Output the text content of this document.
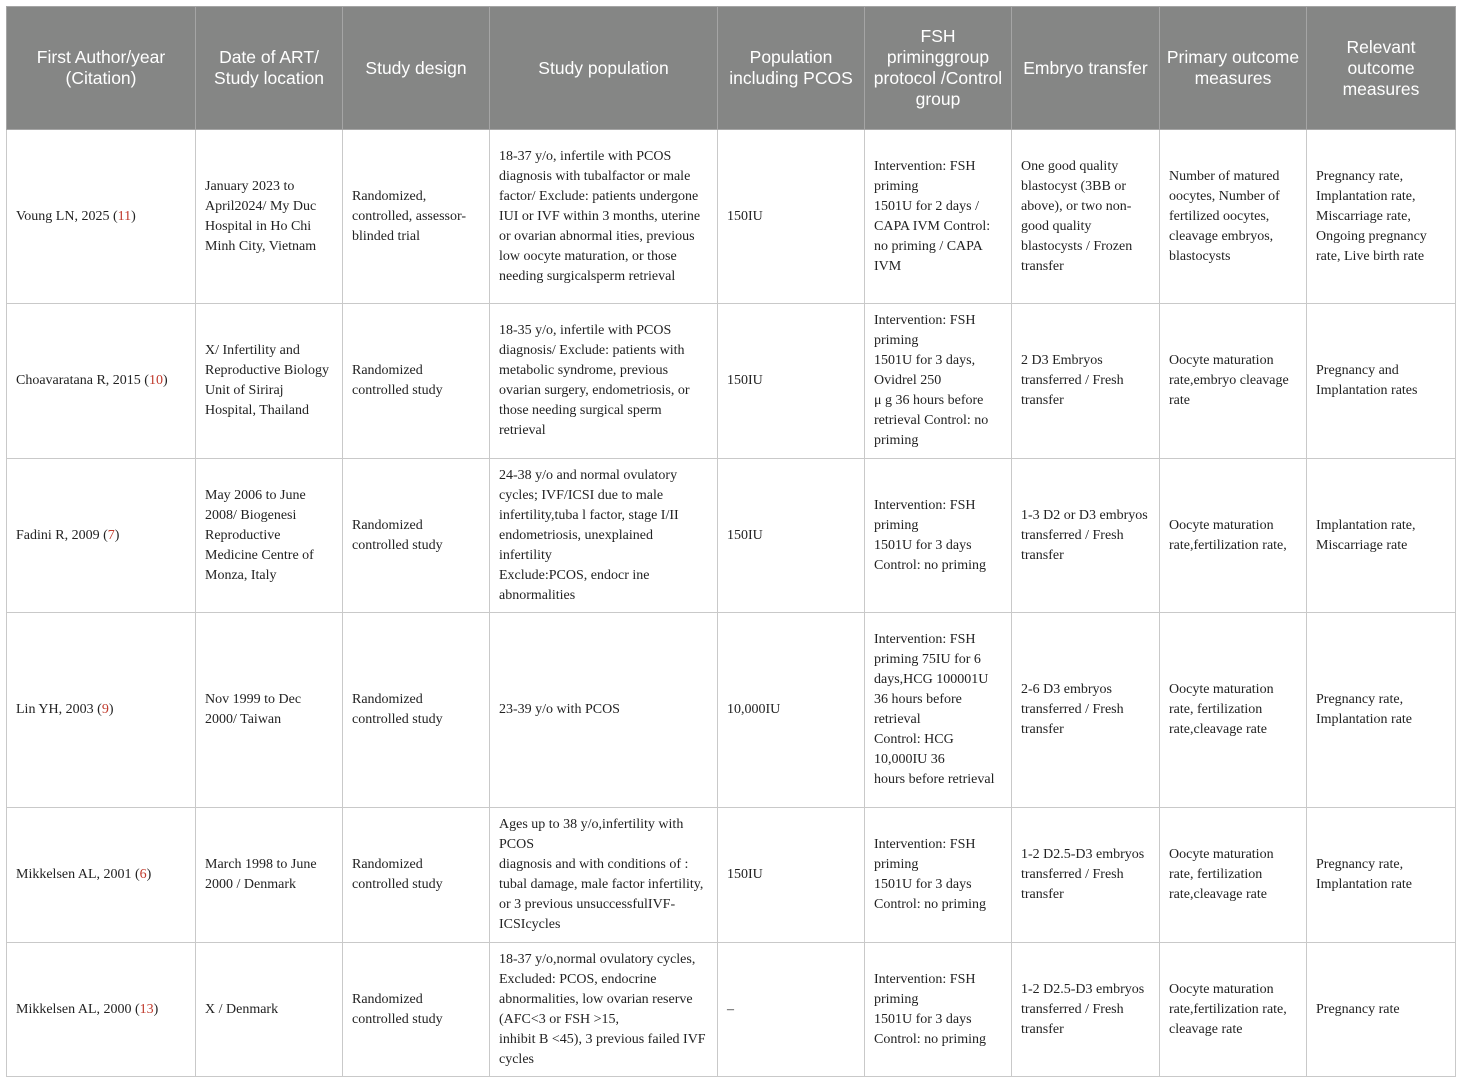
First Author/year (Citation)	Date of ART/ Study location	Study design	Study population	Population including PCOS	FSH priminggroup protocol /Control group	Embryo transfer	Primary outcome measures	Relevant outcome measures
Voung LN, 2025 (11)	January 2023 to April2024/ My Duc Hospital in Ho Chi Minh City, Vietnam	Randomized, controlled, assessor-blinded trial	18-37 y/o, infertile with PCOS diagnosis with tubalfactor or male factor/ Exclude: patients undergone IUI or IVF within 3 months, uterine or ovarian abnormal ities, previous low oocyte maturation, or those needing surgicalsperm retrieval	150IU	Intervention: FSH priming
1501U for 2 days / CAPA IVM Control: no priming / CAPA IVM	One good quality blastocyst (3BB or above), or two non-good quality blastocysts / Frozen transfer	Number of matured oocytes, Number of fertilized oocytes, cleavage embryos, blastocysts	Pregnancy rate, Implantation rate, Miscarriage rate, Ongoing pregnancy rate, Live birth rate
Choavaratana R, 2015 (10)	X/ Infertility and Reproductive Biology Unit of Siriraj Hospital, Thailand	Randomized controlled study	18-35 y/o, infertile with PCOS diagnosis/ Exclude: patients with metabolic syndrome, previous ovarian surgery, endometriosis, or those needing surgical sperm retrieval	150IU	Intervention: FSH priming
1501U for 3 days, Ovidrel 250
μ g 36 hours before retrieval Control: no priming	2 D3 Embryos transferred / Fresh transfer	Oocyte maturation rate,embryo cleavage rate	Pregnancy and Implantation rates
Fadini R, 2009 (7)	May 2006 to June 2008/ Biogenesi Reproductive Medicine Centre of Monza, Italy	Randomized controlled study	24-38 y/o and normal ovulatory cycles; IVF/ICSI due to male infertility,tuba l factor, stage I/II endometriosis, unexplained infertility
Exclude:PCOS, endocr ine abnormalities	150IU	Intervention: FSH priming
1501U for 3 days
Control: no priming	1-3 D2 or D3 embryos transferred / Fresh transfer	Oocyte maturation rate,fertilization rate,	Implantation rate, Miscarriage rate
Lin YH, 2003 (9)	Nov 1999 to Dec 2000/ Taiwan	Randomized controlled study	23-39 y/o with PCOS	10,000IU	Intervention: FSH priming 75IU for 6 days,HCG 100001U 36 hours before retrieval
Control: HCG 10,000IU 36
hours before retrieval	2-6 D3 embryos transferred / Fresh transfer	Oocyte maturation rate, fertilization rate,cleavage rate	Pregnancy rate, Implantation rate
Mikkelsen AL, 2001 (6)	March 1998 to June 2000 / Denmark	Randomized controlled study	Ages up to 38 y/o,infertility with PCOS
diagnosis and with conditions of : tubal damage, male factor infertility, or 3 previous unsuccessfulIVF-ICSIcycles	150IU	Intervention: FSH priming
1501U for 3 days
Control: no priming	1-2 D2.5-D3 embryos transferred / Fresh transfer	Oocyte maturation rate, fertilization rate,cleavage rate	Pregnancy rate, Implantation rate
Mikkelsen AL, 2000 (13)	X / Denmark	Randomized controlled study	18-37 y/o,normal ovulatory cycles, Excluded: PCOS, endocrine abnormalities, low ovarian reserve (AFC<3 or FSH >15,
inhibit B <45), 3 previous failed IVF cycles	–	Intervention: FSH priming
1501U for 3 days
Control: no priming	1-2 D2.5-D3 embryos transferred / Fresh transfer	Oocyte maturation rate,fertilization rate, cleavage rate	Pregnancy rate
